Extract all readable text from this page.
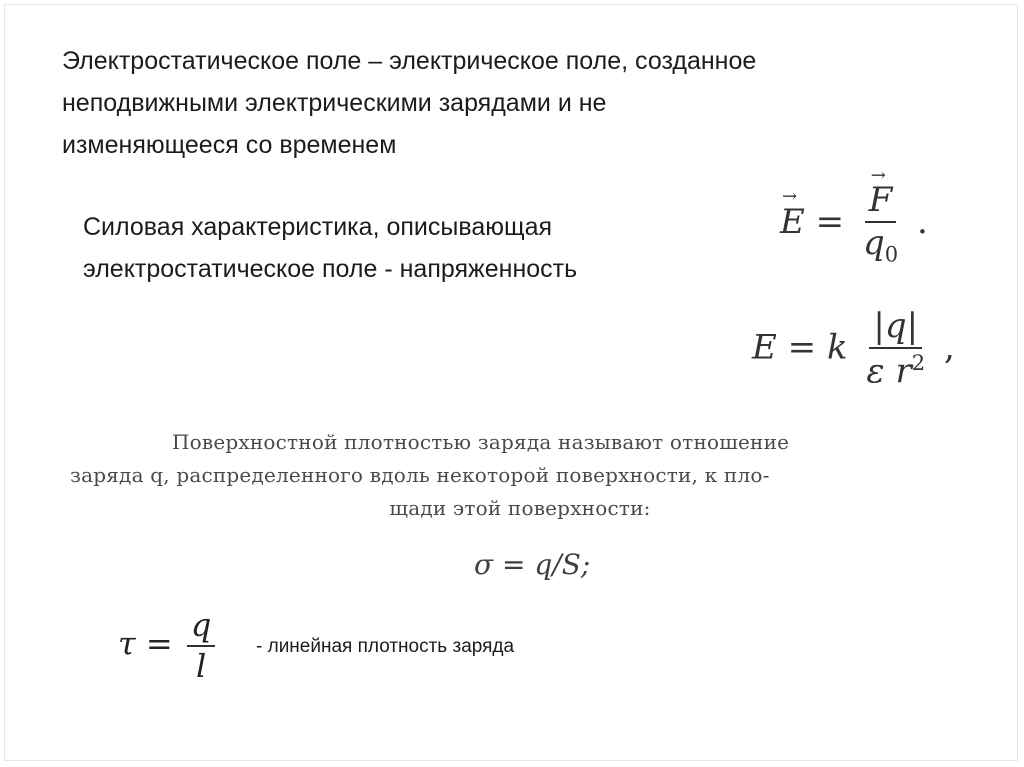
Электростатическое поле – электрическое поле, созданное
неподвижными электрическими зарядами и не
изменяющееся со временем
Силовая характеристика, описывающая
электростатическое поле - напряженность
→ E =
→ $\frac{F}{q_0}$ .
E = k $\frac{|q|}{\varepsilon r^2}$ ,
Поверхностной плотностью заряда называют отношение
заряда q, распределенного вдоль некоторой поверхности, к пло-
щади этой поверхности:
σ = q/S;
$\tau = \frac{q}{l}$ - линейная плотность заряда
